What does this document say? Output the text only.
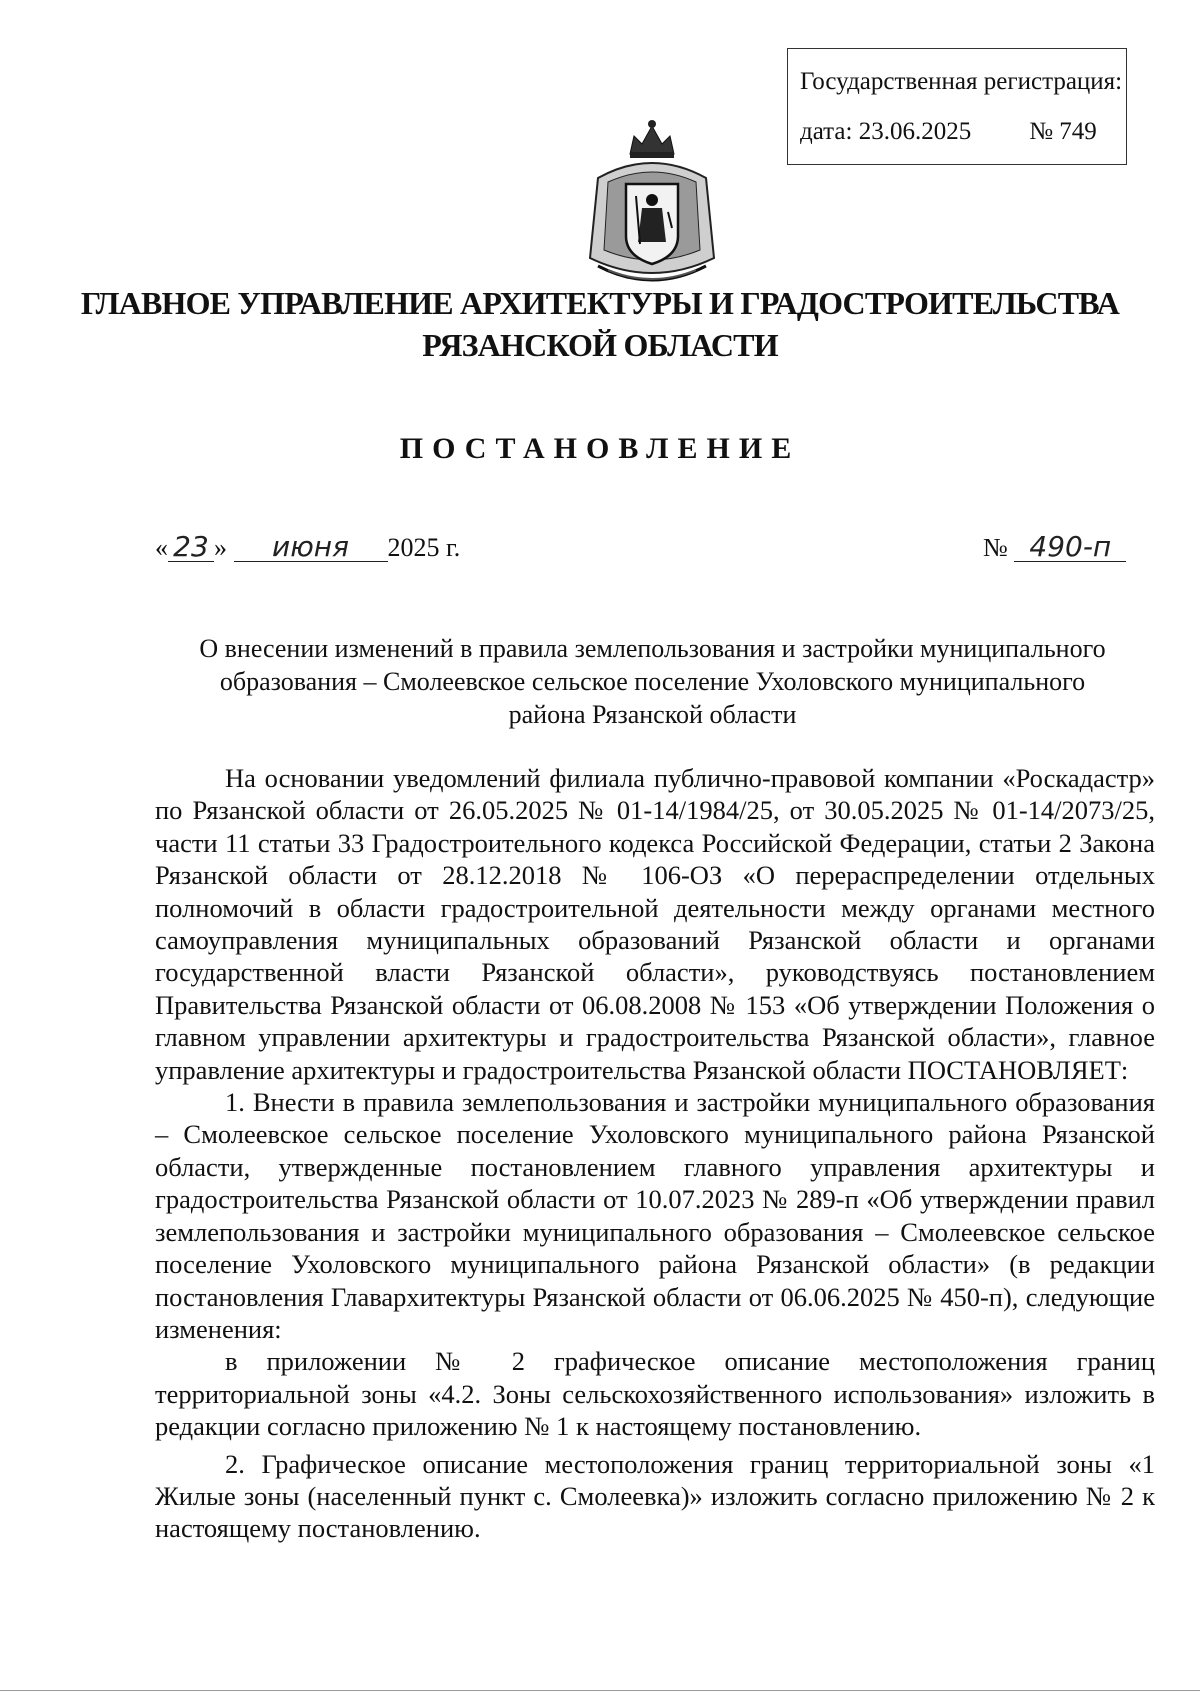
Государственная регистрация:
дата: 23.06.2025 № 749
ГЛАВНОЕ УПРАВЛЕНИЕ АРХИТЕКТУРЫ И ГРАДОСТРОИТЕЛЬСТВА
РЯЗАНСКОЙ ОБЛАСТИ
ПОСТАНОВЛЕНИЕ
« 23 » июня 2025 г.	№ 490-п
О внесении изменений в правила землепользования и застройки муниципального
образования – Смолеевское сельское поселение Ухоловского муниципального
района Рязанской области

На основании уведомлений филиала публично-правовой компании «Роскадастр» по Рязанской области от 26.05.2025 № 01-14/1984/25, от 30.05.2025 № 01-14/2073/25, части 11 статьи 33 Градостроительного кодекса Российской Федерации, статьи 2 Закона Рязанской области от 28.12.2018 № 106-ОЗ «О перераспределении отдельных полномочий в области градостроительной деятельности между органами местного самоуправления муниципальных образований Рязанской области и органами государственной власти Рязанской области», руководствуясь постановлением Правительства Рязанской области от 06.08.2008 № 153 «Об утверждении Положения о главном управлении архитектуры и градостроительства Рязанской области», главное управление архитектуры и градостроительства Рязанской области ПОСТАНОВЛЯЕТ:

1. Внести в правила землепользования и застройки муниципального образования – Смолеевское сельское поселение Ухоловского муниципального района Рязанской области, утвержденные постановлением главного управления архитектуры и градостроительства Рязанской области от 10.07.2023 № 289-п «Об утверждении правил землепользования и застройки муниципального образования – Смолеевское сельское поселение Ухоловского муниципального района Рязанской области» (в редакции постановления Главархитектуры Рязанской области от 06.06.2025 № 450-п), следующие изменения:

в приложении № 2 графическое описание местоположения границ территориальной зоны «4.2. Зоны сельскохозяйственного использования» изложить в редакции согласно приложению № 1 к настоящему постановлению.

2. Графическое описание местоположения границ территориальной зоны «1 Жилые зоны (населенный пункт с. Смолеевка)» изложить согласно приложению № 2 к настоящему постановлению.
